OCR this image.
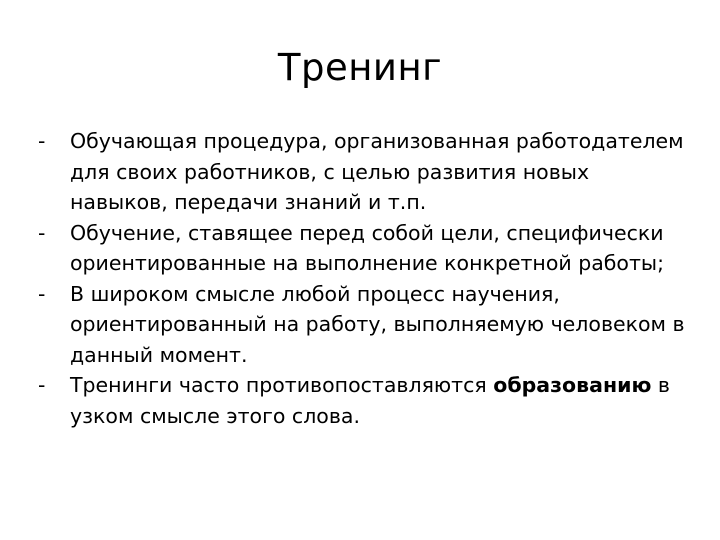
Тренинг
-	Обучающая процедура, организованная работодателем для своих работников, с целью развития новых навыков, передачи знаний и т.п.
-	Обучение, ставящее перед собой цели, специфически ориентированные на выполнение конкретной работы;
-	В широком смысле любой процесс научения, ориентированный на работу, выполняемую человеком в данный момент.
-	Тренинги часто противопоставляются образованию в узком смысле этого слова.
